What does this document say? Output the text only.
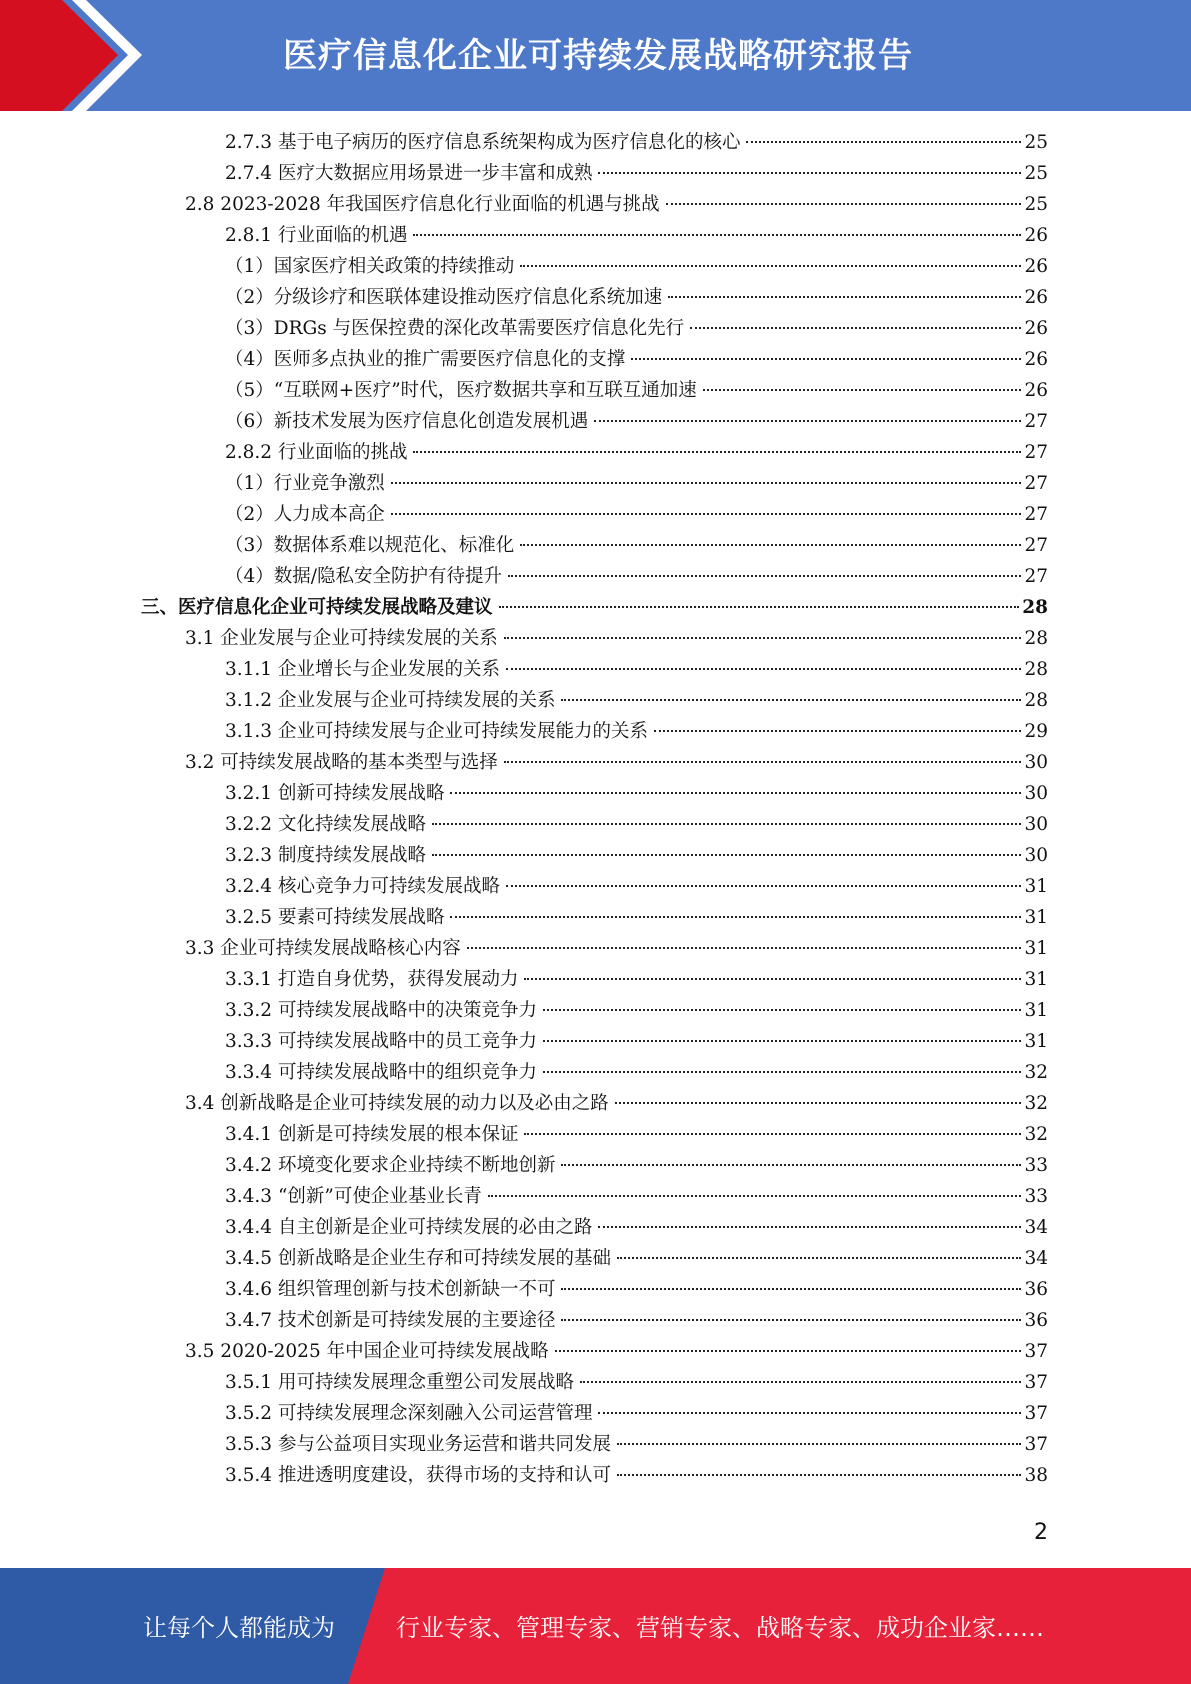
医疗信息化企业可持续发展战略研究报告
2.7.3 基于电子病历的医疗信息系统架构成为医疗信息化的核心	25
2.7.4 医疗大数据应用场景进一步丰富和成熟	25
2.8 2023-2028 年我国医疗信息化行业面临的机遇与挑战	25
2.8.1 行业面临的机遇	26
（1）国家医疗相关政策的持续推动	26
（2）分级诊疗和医联体建设推动医疗信息化系统加速	26
（3）DRGs 与医保控费的深化改革需要医疗信息化先行	26
（4）医师多点执业的推广需要医疗信息化的支撑	26
（5）“互联网+医疗”时代，医疗数据共享和互联互通加速	26
（6）新技术发展为医疗信息化创造发展机遇	27
2.8.2 行业面临的挑战	27
（1）行业竞争激烈	27
（2）人力成本高企	27
（3）数据体系难以规范化、标准化	27
（4）数据/隐私安全防护有待提升	27
三、医疗信息化企业可持续发展战略及建议	28
3.1 企业发展与企业可持续发展的关系	28
3.1.1 企业增长与企业发展的关系	28
3.1.2 企业发展与企业可持续发展的关系	28
3.1.3 企业可持续发展与企业可持续发展能力的关系	29
3.2 可持续发展战略的基本类型与选择	30
3.2.1 创新可持续发展战略	30
3.2.2 文化持续发展战略	30
3.2.3 制度持续发展战略	30
3.2.4 核心竞争力可持续发展战略	31
3.2.5 要素可持续发展战略	31
3.3 企业可持续发展战略核心内容	31
3.3.1 打造自身优势，获得发展动力	31
3.3.2 可持续发展战略中的决策竞争力	31
3.3.3 可持续发展战略中的员工竞争力	31
3.3.4 可持续发展战略中的组织竞争力	32
3.4 创新战略是企业可持续发展的动力以及必由之路	32
3.4.1 创新是可持续发展的根本保证	32
3.4.2 环境变化要求企业持续不断地创新	33
3.4.3 “创新”可使企业基业长青	33
3.4.4 自主创新是企业可持续发展的必由之路	34
3.4.5 创新战略是企业生存和可持续发展的基础	34
3.4.6 组织管理创新与技术创新缺一不可	36
3.4.7 技术创新是可持续发展的主要途径	36
3.5 2020-2025 年中国企业可持续发展战略	37
3.5.1 用可持续发展理念重塑公司发展战略	37
3.5.2 可持续发展理念深刻融入公司运营管理	37
3.5.3 参与公益项目实现业务运营和谐共同发展	37
3.5.4 推进透明度建设，获得市场的支持和认可	38
2
让每个人都能成为	行业专家、管理专家、营销专家、战略专家、成功企业家……
